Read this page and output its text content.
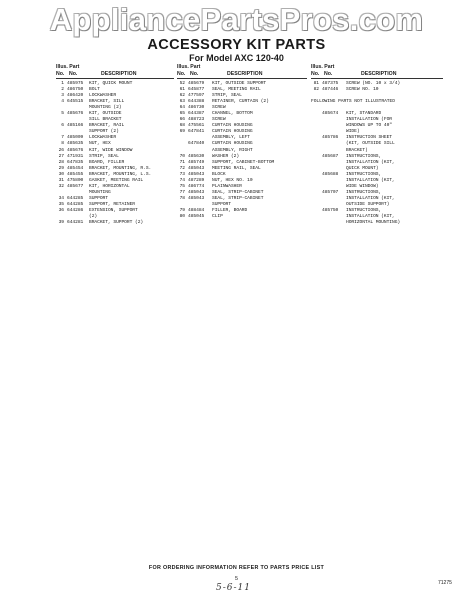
AppliancePartsPros.com
ACCESSORY KIT PARTS
For Model AXC 120-40
Illus. Part
No. No.	DESCRIPTION
1 485975 KIT, QUICK MOUNT
2 486750 BOLT
3 486420 LOCKWASHER
4 645515 BRACKET, SILL
MOUNTING (2)
5 485676 KIT, OUTSIDE
SILL BRACKET
6 485166 BRACKET, RAIL
SUPPORT (2)
7 485009 LOCKWASHER
8 485635 NUT, HEX
26 485676 KIT, WIDE WINDOW
27 471931 STRIP, SEAL
28 647835 BOARD, FILLER
29 485454 BRACKET, MOUNTING, R.S.
30 485455 BRACKET, MOUNTING, L.S.
31 475800 GASKET, MEETING RAIL
32 485677 KIT, HORIZONTAL
MOUNTING
34 644285 SUPPORT
35 644285 SUPPORT, RETAINER
36 644286 EXTENSION, SUPPORT
(2)
39 644281 BRACKET, SUPPORT (2)
Illus. Part
No. No.	DESCRIPTION
52 485679 KIT, OUTSIDE SUPPORT
61 645877 SEAL, MEETING RAIL
62 477597 STRIP, SEAL
63 644388 RETAINER, CURTAIN (2)
64 486730 SCREW
65 644387 CHANNEL, BOTTOM
66 488723 SCREW
68 475561 CURTAIN HOUSING
69 647841 CURTAIN HOUSING
ASSEMBLY, LEFT
647840 CURTAIN HOUSING
ASSEMBLY, RIGHT
70 485630 WASHER (2)
71 485749 SUPPORT, CABINET-BOTTOM
72 485043 MEETING RAIL, SEAL
73 485043 BLOCK
74 487289 NUT, HEX NO. 10
75 486774 PLAINWASHER
77 485043 SEAL, STRIP-CABINET
78 485043 SEAL, STRIP-CABINET
SUPPORT
79 488484 FILLER, BOARD
80 485045 CLIP
Illus. Part
No. No.	DESCRIPTION
81 487375 SCREW (NO. 10 x 3/4)
82 487446 SCREW NO. 10
FOLLOWING PARTS NOT ILLUSTRATED
485674 KIT, STANDARD
INSTALLATION (FOR
WINDOWS UP TO 40"
WIDE)
485786 INSTRUCTION SHEET
(KIT, OUTSIDE SILL
BRACKET)
485687 INSTRUCTIONS,
INSTALLATION (KIT,
QUICK MOUNT)
485688 INSTRUCTIONS,
INSTALLATION (KIT,
WIDE WINDOW)
485707 INSTRUCTIONS,
INSTALLATION (KIT,
OUTSIDE SUPPORT)
485750 INSTRUCTIONS,
INSTALLATION (KIT,
HORIZONTAL MOUNTING)
FOR ORDERING INFORMATION REFER TO PARTS PRICE LIST
5
71275
5-6-11
